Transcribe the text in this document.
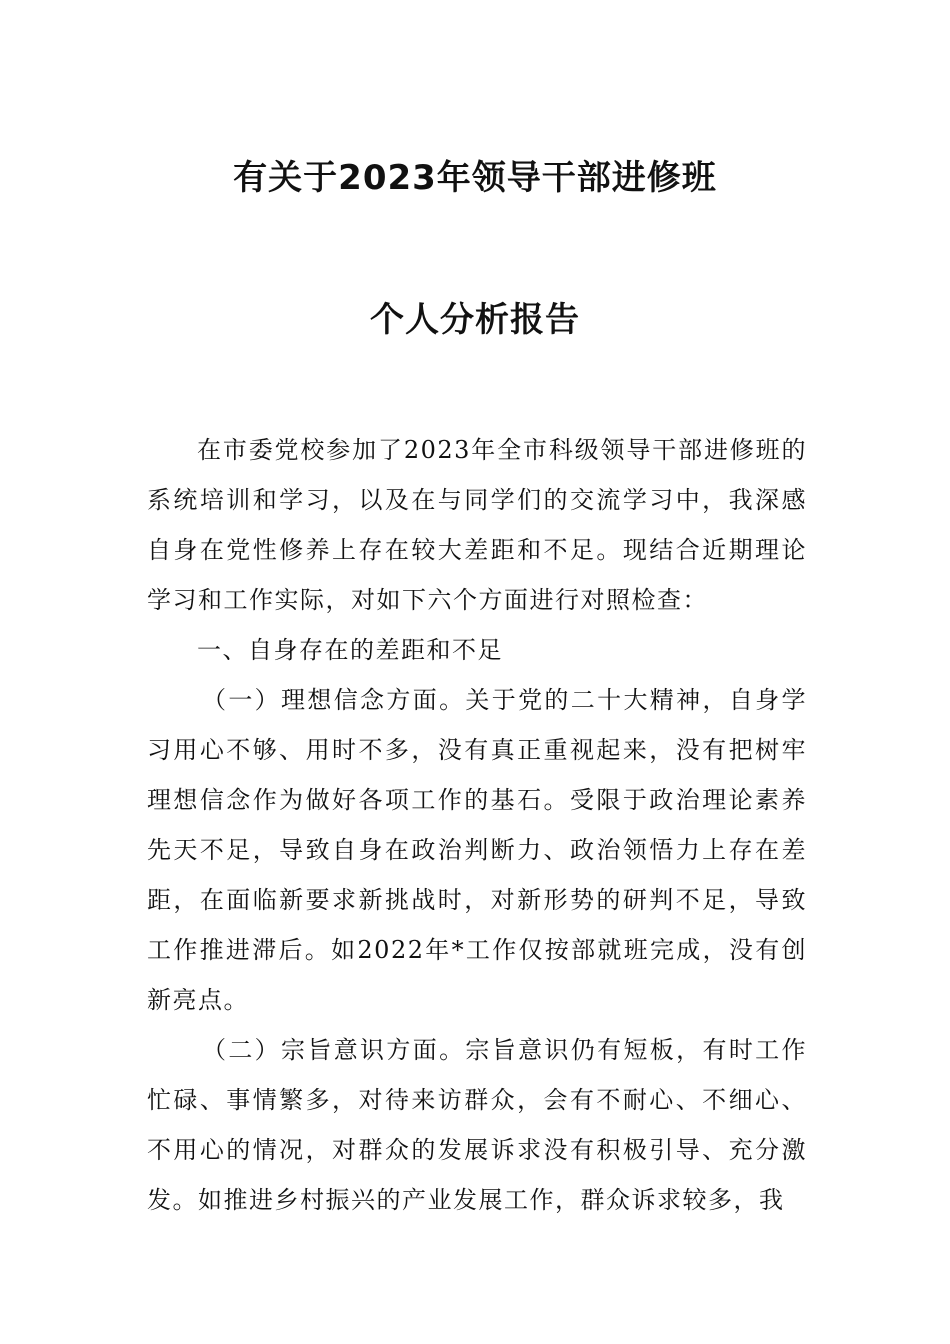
有关于2023年领导干部进修班
个人分析报告

在市委党校参加了2023年全市科级领导干部进修班的系统培训和学习，以及在与同学们的交流学习中，我深感自身在党性修养上存在较大差距和不足。现结合近期理论学习和工作实际，对如下六个方面进行对照检查：

一、自身存在的差距和不足

（一）理想信念方面。关于党的二十大精神，自身学习用心不够、用时不多，没有真正重视起来，没有把树牢理想信念作为做好各项工作的基石。受限于政治理论素养先天不足，导致自身在政治判断力、政治领悟力上存在差距，在面临新要求新挑战时，对新形势的研判不足，导致工作推进滞后。如2022年*工作仅按部就班完成，没有创新亮点。

（二）宗旨意识方面。宗旨意识仍有短板，有时工作忙碌、事情繁多，对待来访群众，会有不耐心、不细心、不用心的情况，对群众的发展诉求没有积极引导、充分激发。如推进乡村振兴的产业发展工作，群众诉求较多，我
